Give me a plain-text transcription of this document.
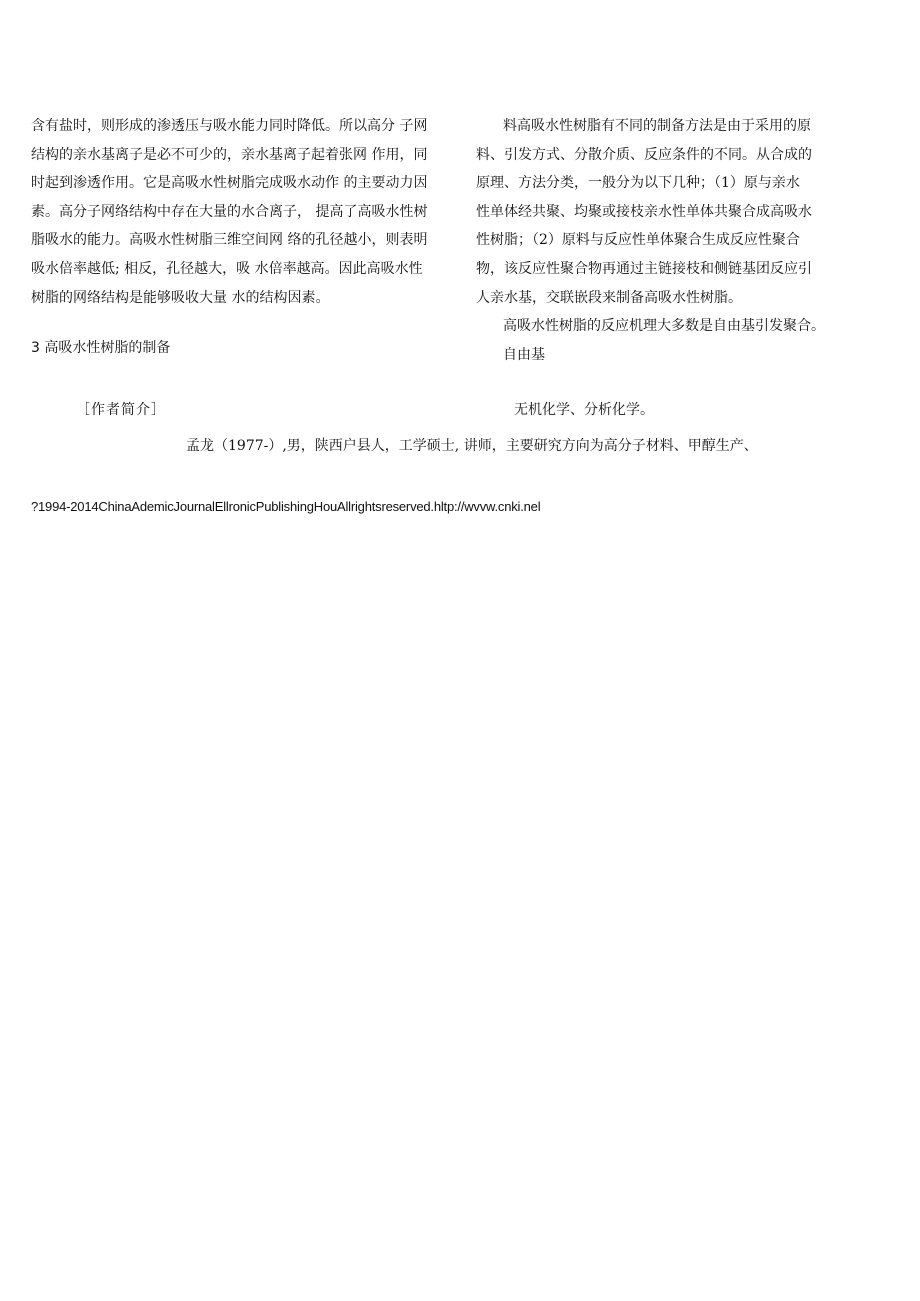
含有盐时，则形成的渗透压与吸水能力同时降低。所以高分 子网
结构的亲水基离子是必不可少的，亲水基离子起着张网 作用，同
时起到渗透作用。它是高吸水性树脂完成吸水动作 的主要动力因
素。高分子网络结构中存在大量的水合离子， 提高了高吸水性树
脂吸水的能力。高吸水性树脂三维空间网 络的孔径越小，则表明
吸水倍率越低; 相反，孔径越大，吸 水倍率越高。因此高吸水性
树脂的网络结构是能够吸收大量 水的结构因素。
3 高吸水性树脂的制备
料高吸水性树脂有不同的制备方法是由于采用的原
料、引发方式、分散介质、反应条件的不同。从合成的
原理、方法分类，一般分为以下几种；（1）原与亲水
性单体经共聚、均聚或接枝亲水性单体共聚合成高吸水
性树脂；（2）原料与反应性单体聚合生成反应性聚合
物，该反应性聚合物再通过主链接枝和侧链基团反应引
人亲水基，交联嵌段来制备高吸水性树脂。
高吸水性树脂的反应机理大多数是自由基引发聚合。
自由基
［作者简介］	无机化学、分析化学。
孟龙（1977-）,男，陕西户县人，工学硕士, 讲师，主要研究方向为高分子材料、甲醇生产、
?1994-2014ChinaAdemicJournalEllronicPublishingHouAllrightsreserved.hltp://wvvw.cnki.nel
